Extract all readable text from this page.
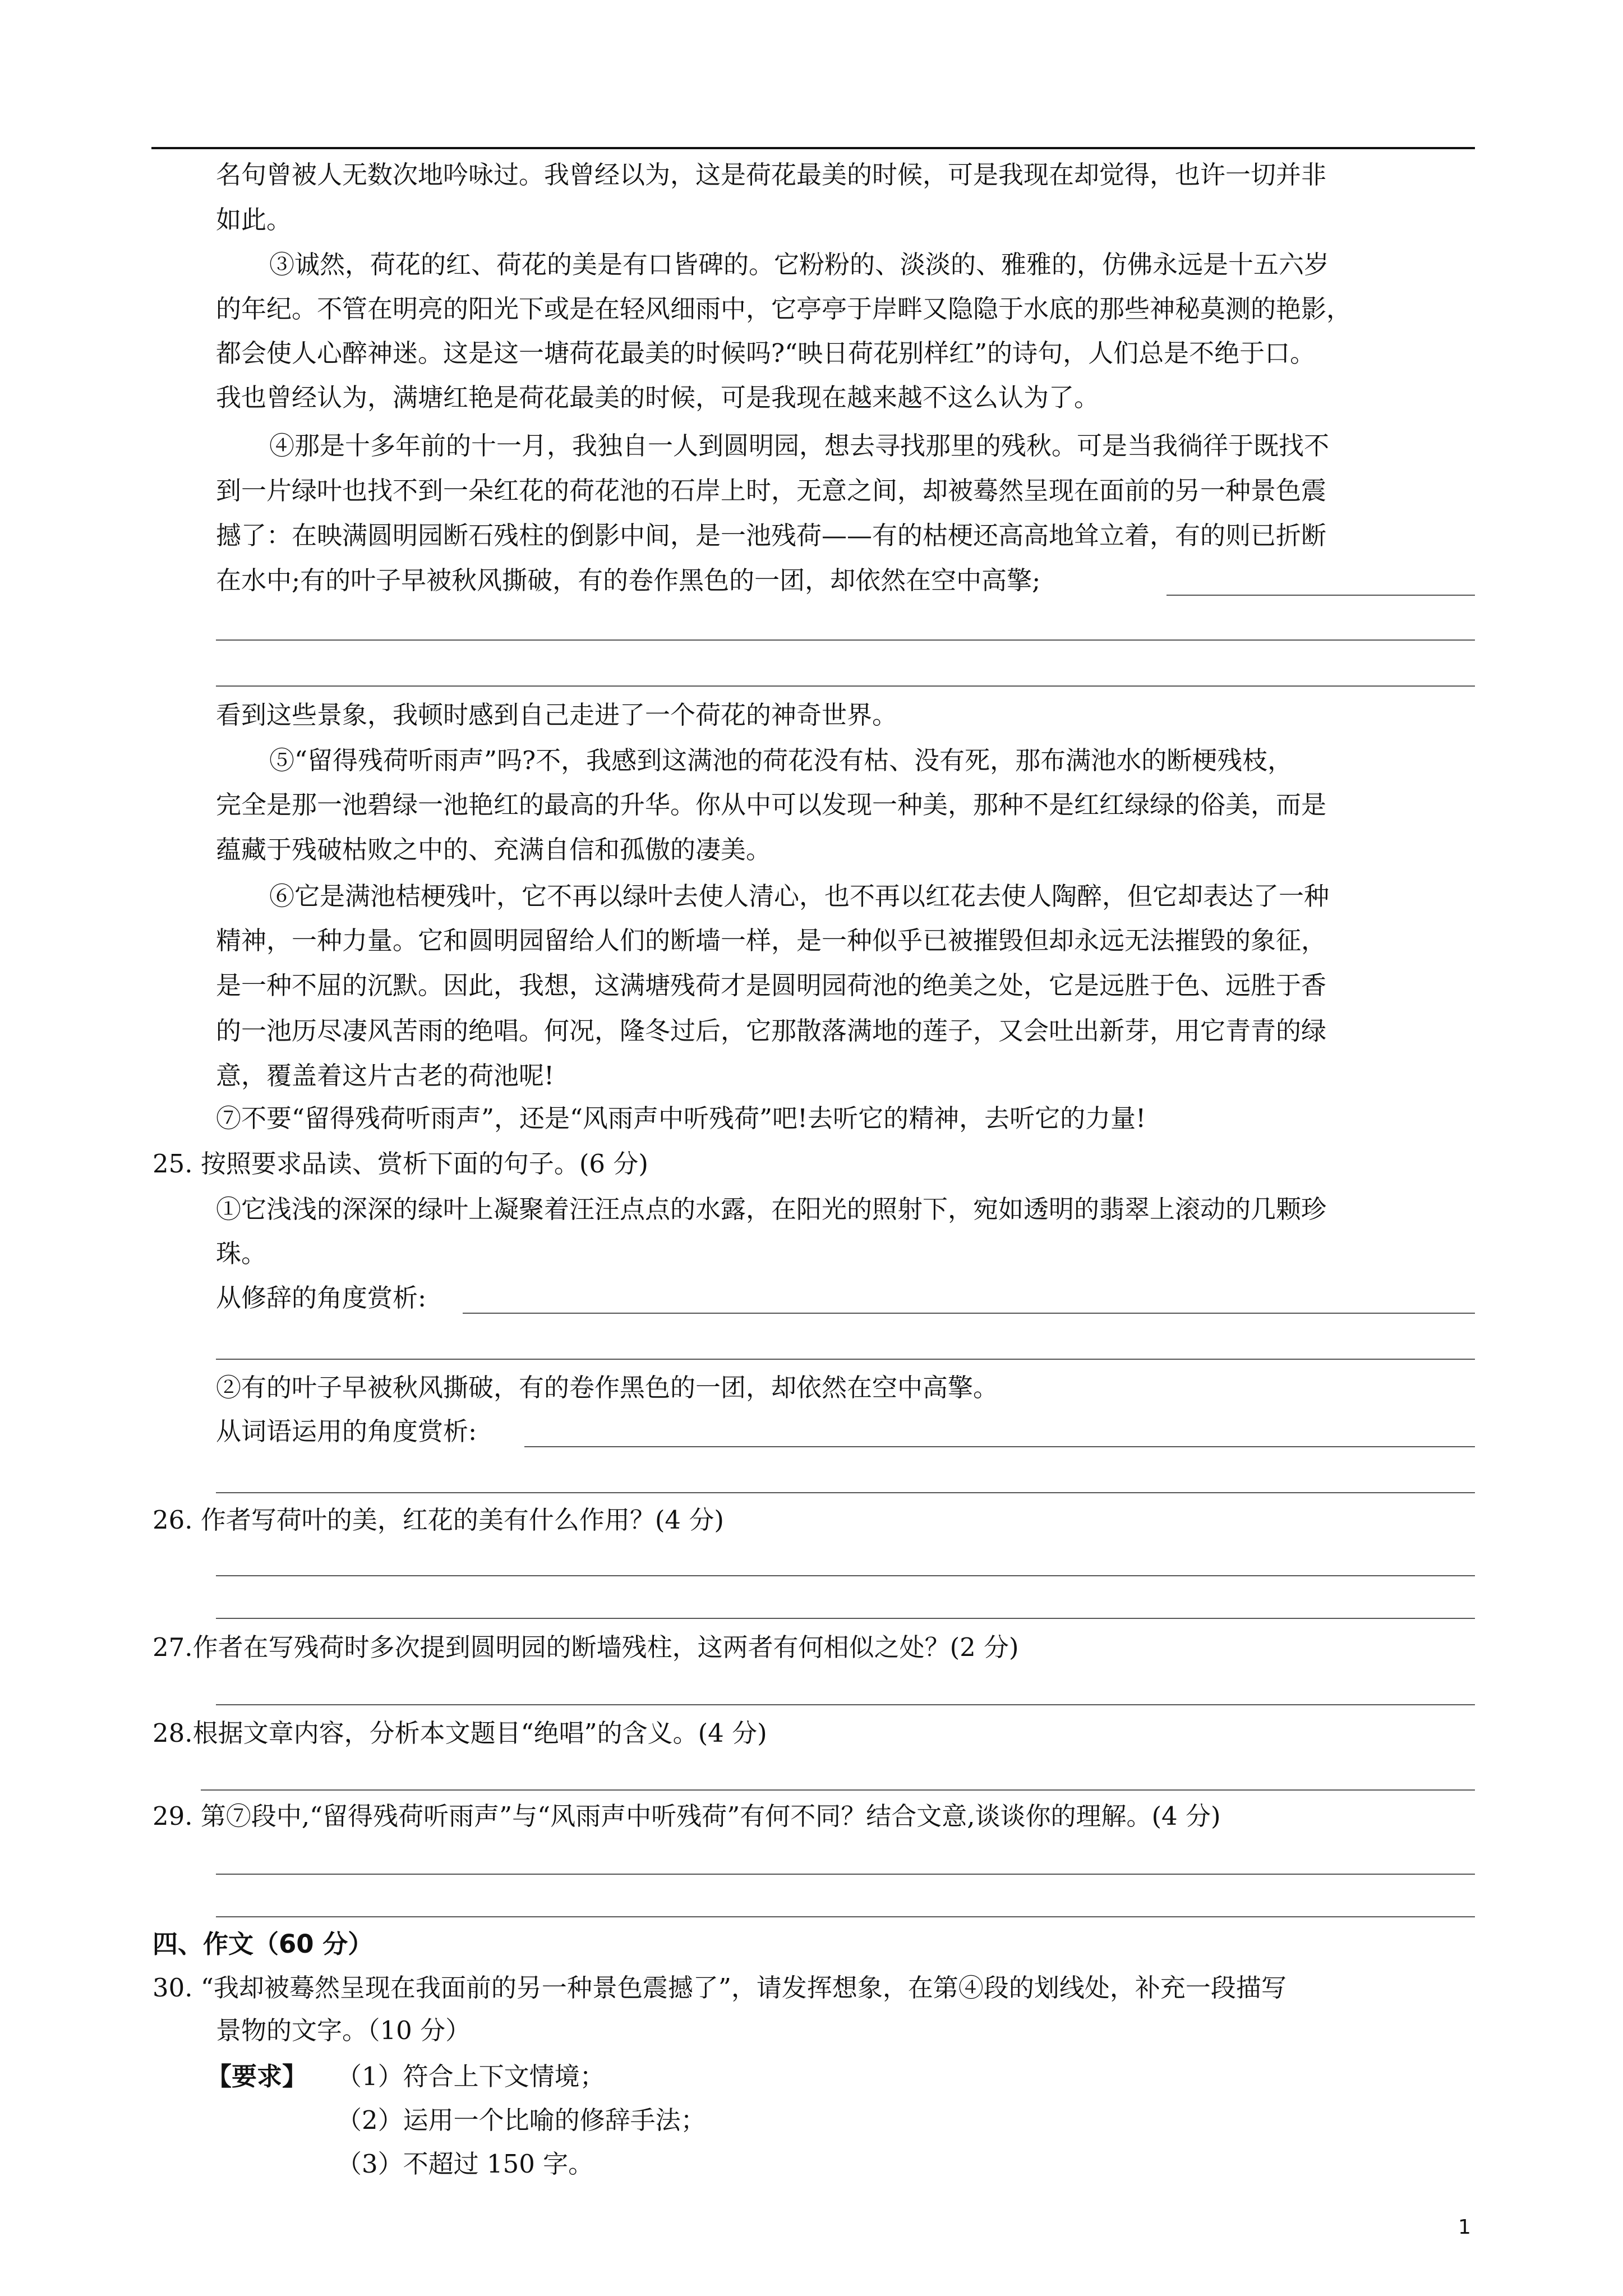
名句曾被人无数次地吟咏过。我曾经以为，这是荷花最美的时候，可是我现在却觉得，也许一切并非
如此。
③诚然，荷花的红、荷花的美是有口皆碑的。它粉粉的、淡淡的、雅雅的，仿佛永远是十五六岁
的年纪。不管在明亮的阳光下或是在轻风细雨中，它亭亭于岸畔又隐隐于水底的那些神秘莫测的艳影，
都会使人心醉神迷。这是这一塘荷花最美的时候吗?“映日荷花别样红”的诗句，人们总是不绝于口。
我也曾经认为，满塘红艳是荷花最美的时候，可是我现在越来越不这么认为了。
④那是十多年前的十一月，我独自一人到圆明园，想去寻找那里的残秋。可是当我徜徉于既找不
到一片绿叶也找不到一朵红花的荷花池的石岸上时，无意之间，却被蓦然呈现在面前的另一种景色震
撼了：在映满圆明园断石残柱的倒影中间，是一池残荷——有的枯梗还高高地耸立着，有的则已折断
在水中;有的叶子早被秋风撕破，有的卷作黑色的一团，却依然在空中高擎;
看到这些景象，我顿时感到自己走进了一个荷花的神奇世界。
⑤“留得残荷听雨声”吗?不，我感到这满池的荷花没有枯、没有死，那布满池水的断梗残枝，
完全是那一池碧绿一池艳红的最高的升华。你从中可以发现一种美，那种不是红红绿绿的俗美，而是
蕴藏于残破枯败之中的、充满自信和孤傲的凄美。
⑥它是满池桔梗残叶，它不再以绿叶去使人清心，也不再以红花去使人陶醉，但它却表达了一种
精神，一种力量。它和圆明园留给人们的断墙一样，是一种似乎已被摧毁但却永远无法摧毁的象征，
是一种不屈的沉默。因此，我想，这满塘残荷才是圆明园荷池的绝美之处，它是远胜于色、远胜于香
的一池历尽凄风苦雨的绝唱。何况，隆冬过后，它那散落满地的莲子，又会吐出新芽，用它青青的绿
意，覆盖着这片古老的荷池呢!
⑦不要“留得残荷听雨声”，还是“风雨声中听残荷”吧!去听它的精神，去听它的力量!
25. 按照要求品读、赏析下面的句子。(6 分)
①它浅浅的深深的绿叶上凝聚着汪汪点点的水露，在阳光的照射下，宛如透明的翡翠上滚动的几颗珍
珠。
从修辞的角度赏析:
②有的叶子早被秋风撕破，有的卷作黑色的一团，却依然在空中高擎。
从词语运用的角度赏析:
26. 作者写荷叶的美，红花的美有什么作用？(4 分)
27.作者在写残荷时多次提到圆明园的断墙残柱，这两者有何相似之处？(2 分)
28.根据文章内容，分析本文题目“绝唱”的含义。(4 分)
29. 第⑦段中,“留得残荷听雨声”与“风雨声中听残荷”有何不同？结合文意,谈谈你的理解。(4 分)
四、作文（60 分）
30. “我却被蓦然呈现在我面前的另一种景色震撼了”，请发挥想象，在第④段的划线处，补充一段描写
景物的文字。（10 分）
【要求】 （1）符合上下文情境；
（2）运用一个比喻的修辞手法；
（3）不超过 150 字。
1
